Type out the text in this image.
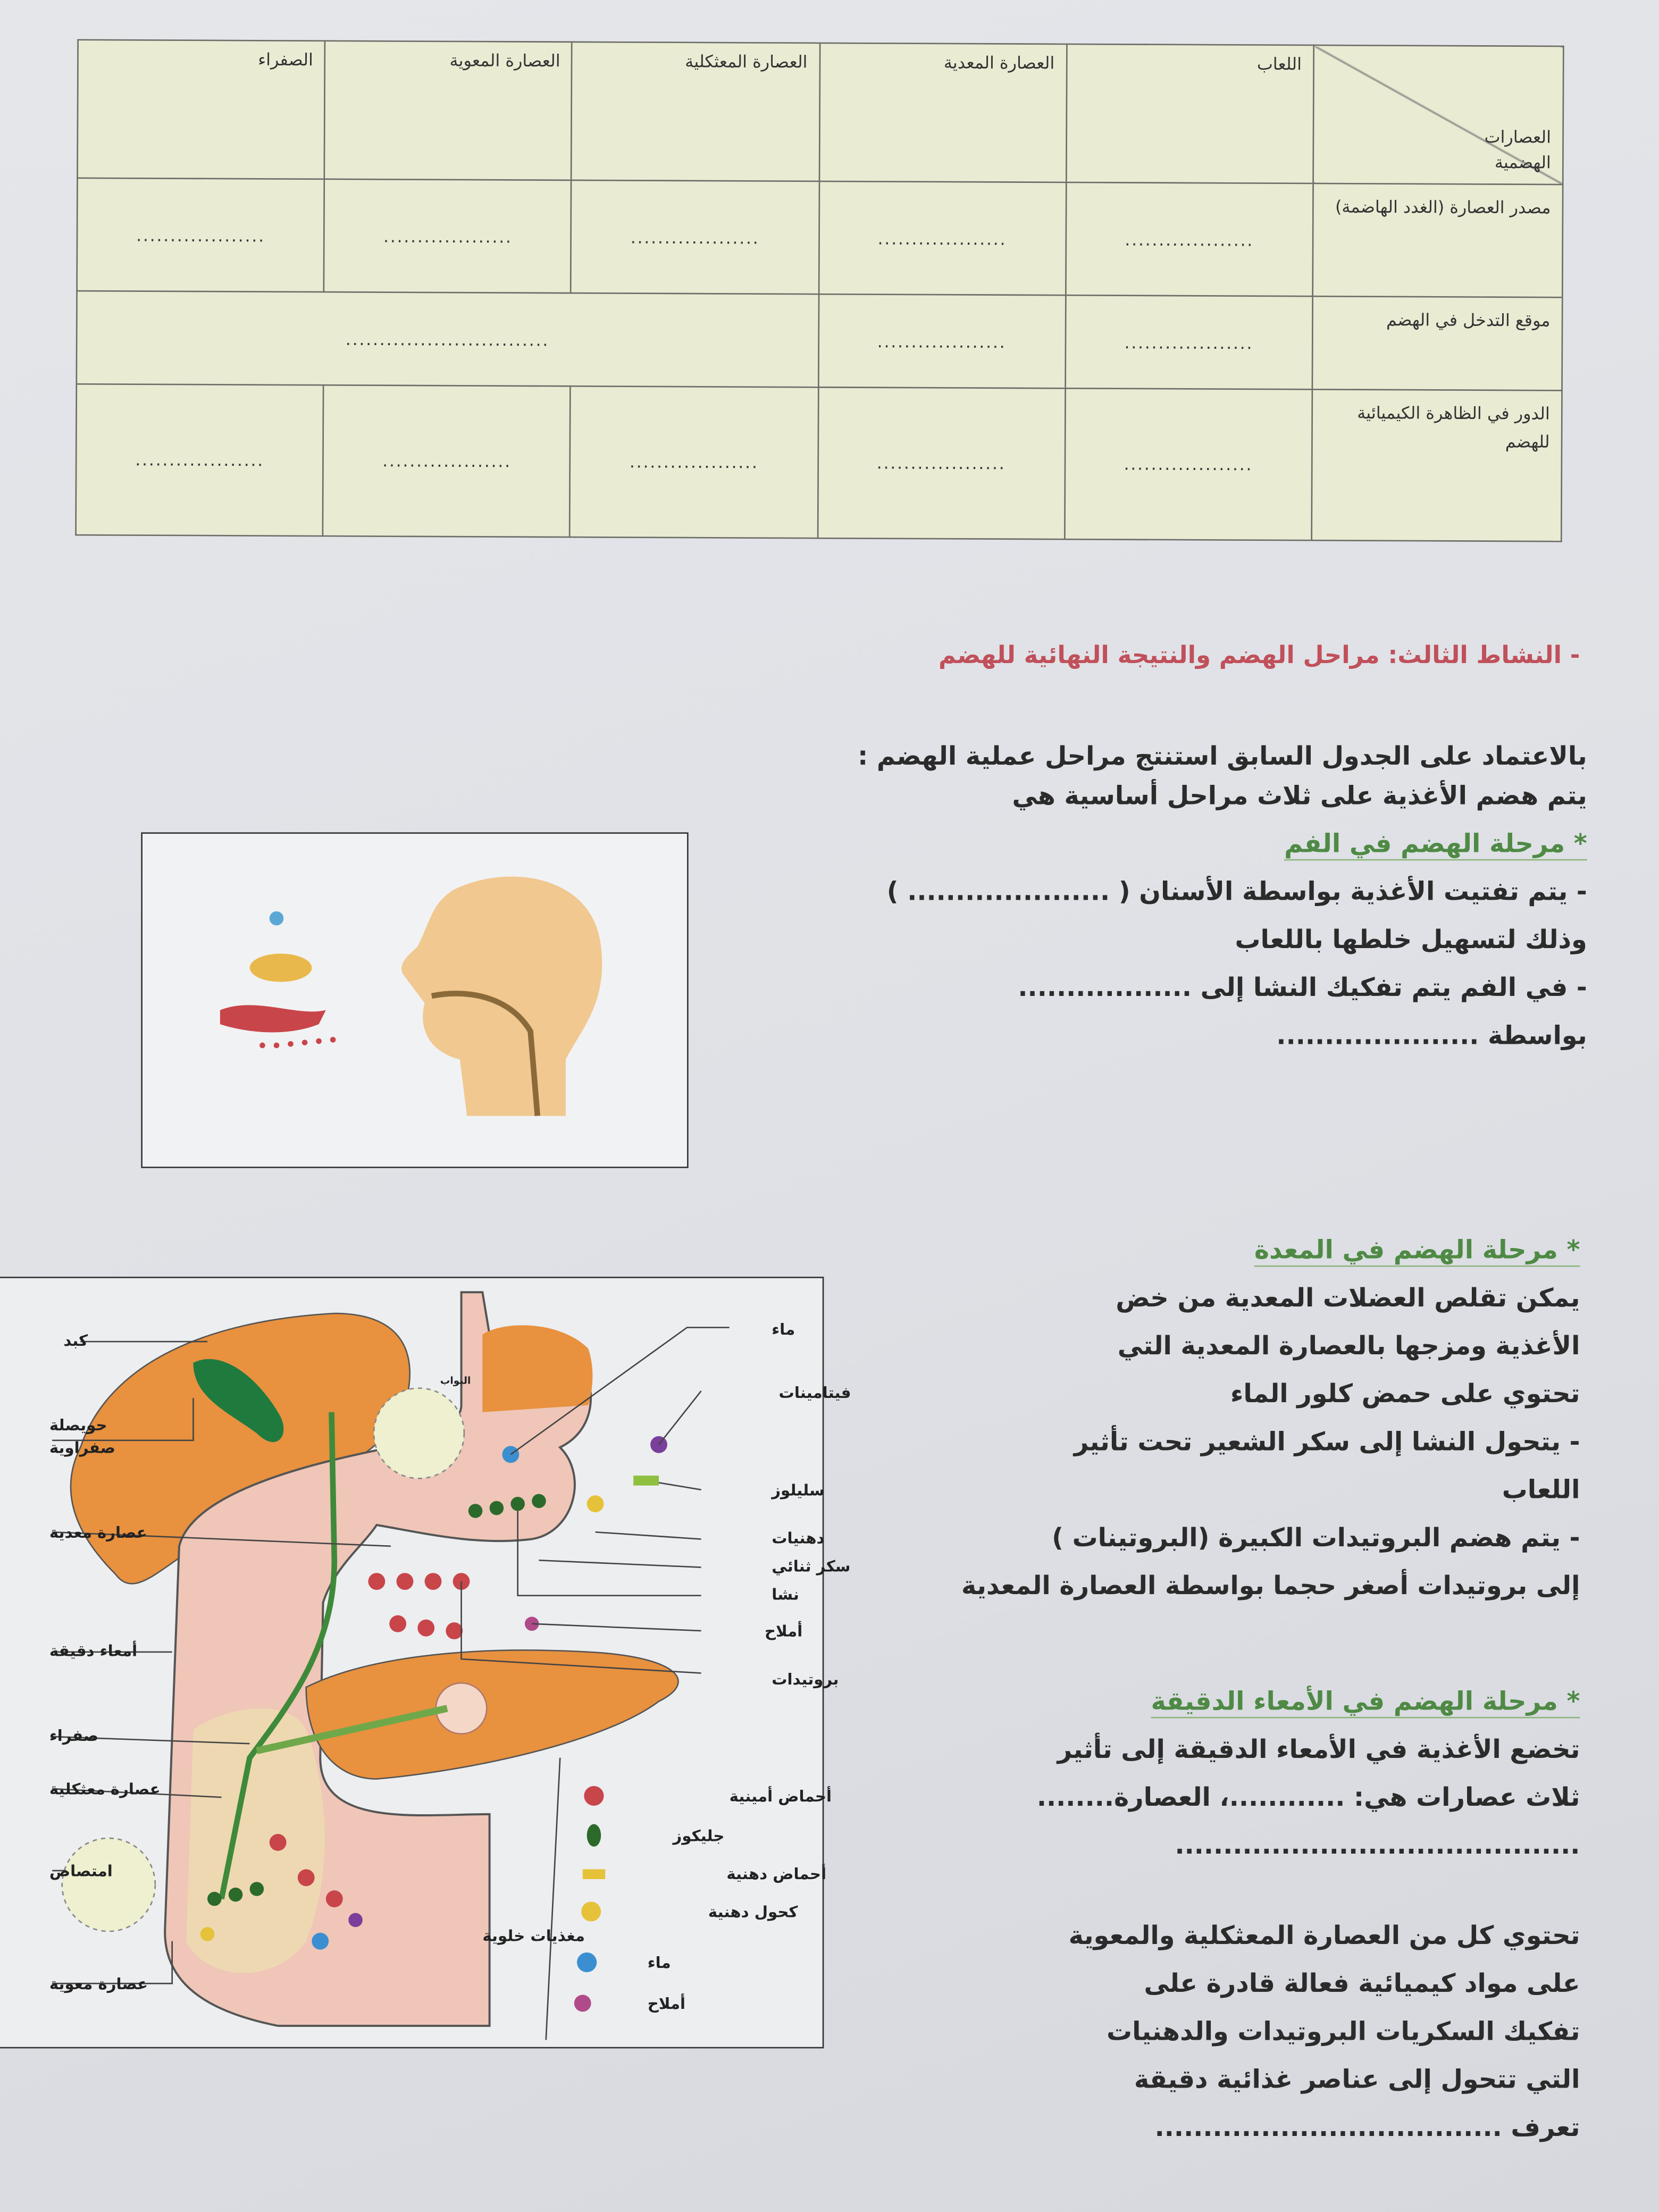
العصارات
الهضمية	اللعاب	العصارة المعدية	العصارة المعثكلية	العصارة المعوية	الصفراء
مصدر العصارة (الغدد الهاضمة)	...................	...................	...................	...................	...................
موقع التدخل في الهضم	...................	...................	..............................		
الدور في الظاهرة الكيميائية للهضم	...................	...................	...................	...................	...................
- النشاط الثالث: مراحل الهضم والنتيجة النهائية للهضم
بالاعتماد على الجدول السابق استنتج مراحل عملية الهضم :
يتم هضم الأغذية على ثلاث مراحل أساسية هي
* مرحلة الهضم في الفم
- يتم تفتيت الأغذية بواسطة الأسنان ( ..................... )
وذلك لتسهيل خلطها باللعاب
- في الفم يتم تفكيك النشا إلى ..................
بواسطة .....................
* مرحلة الهضم في المعدة
يمكن تقلص العضلات المعدية من خض
الأغذية ومزجها بالعصارة المعدية التي
تحتوي على حمض كلور الماء
- يتحول النشا إلى سكر الشعير تحت تأثير
اللعاب
- يتم هضم البروتيدات الكبيرة (البروتينات )
إلى بروتيدات أصغر حجما بواسطة العصارة المعدية
* مرحلة الهضم في الأمعاء الدقيقة
تخضع الأغذية في الأمعاء الدقيقة إلى تأثير
ثلاث عصارات هي: ............، العصارة........
..........................................
تحتوي كل من العصارة المعثكلية والمعوية
على مواد كيميائية فعالة قادرة على
تفكيك السكريات البروتيدات والدهنيات
التي تتحول إلى عناصر غذائية دقيقة
تعرف ....................................
كبد
حويصلة
صفراوية
عصارة معدية
أمعاء دقيقة
صفراء
عصارة معثكلية
امتصاص
عصارة معوية
البواب
ماء
فيتامينات
سليلوز
دهنيات
سكر ثنائي
نشا
أملاح
بروتيدات
مغذيات خلوية
أحماض أمينية
جليكوز
أحماض دهنية
كحول دهنية
ماء
أملاح
